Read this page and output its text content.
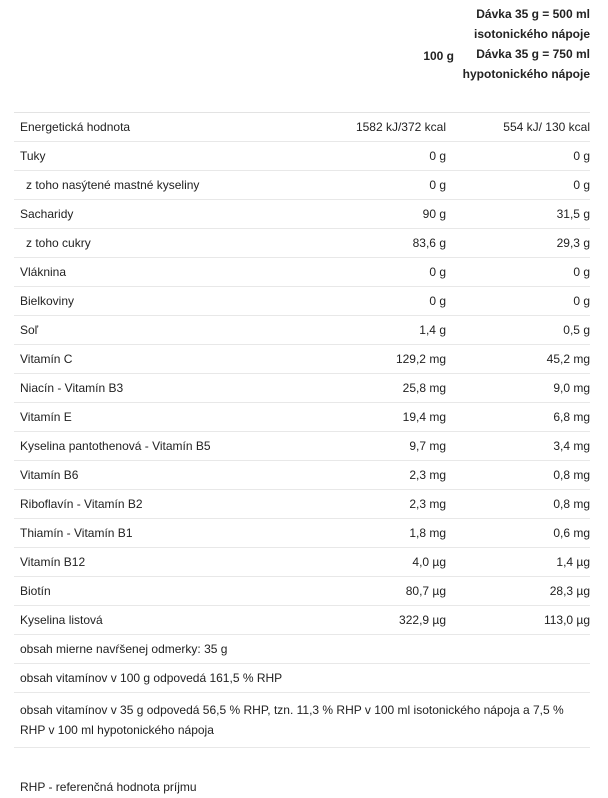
	100 g	Dávka 35 g = 500 ml
isotonického nápoje
Dávka 35 g = 750 ml
hypotonického nápoje

Energetická hodnota	1582 kJ/372 kcal	554 kJ/ 130 kcal
Tuky	0 g	0 g
z toho nasýtené mastné kyseliny	0 g	0 g
Sacharidy	90 g	31,5 g
z toho cukry	83,6 g	29,3 g
Vláknina	0 g	0 g
Bielkoviny	0 g	0 g
Soľ	1,4 g	0,5 g
Vitamín C	129,2 mg	45,2 mg
Niacín - Vitamín B3	25,8 mg	9,0 mg
Vitamín E	19,4 mg	6,8 mg
Kyselina pantothenová - Vitamín B5	9,7 mg	3,4 mg
Vitamín B6	2,3 mg	0,8 mg
Riboflavín - Vitamín B2	2,3 mg	0,8 mg
Thiamín - Vitamín B1	1,8 mg	0,6 mg
Vitamín B12	4,0 µg	1,4 µg
Biotín	80,7 µg	28,3 µg
Kyselina listová	322,9 µg	113,0 µg
obsah mierne navŕšenej odmerky: 35 g		
obsah vitamínov v 100 g odpovedá 161,5 % RHP		
obsah vitamínov v 35 g odpovedá 56,5 % RHP, tzn. 11,3 % RHP v 100 ml isotonického nápoja a 7,5 % RHP v 100 ml hypotonického nápoja		
RHP - referenčná hodnota príjmu		
